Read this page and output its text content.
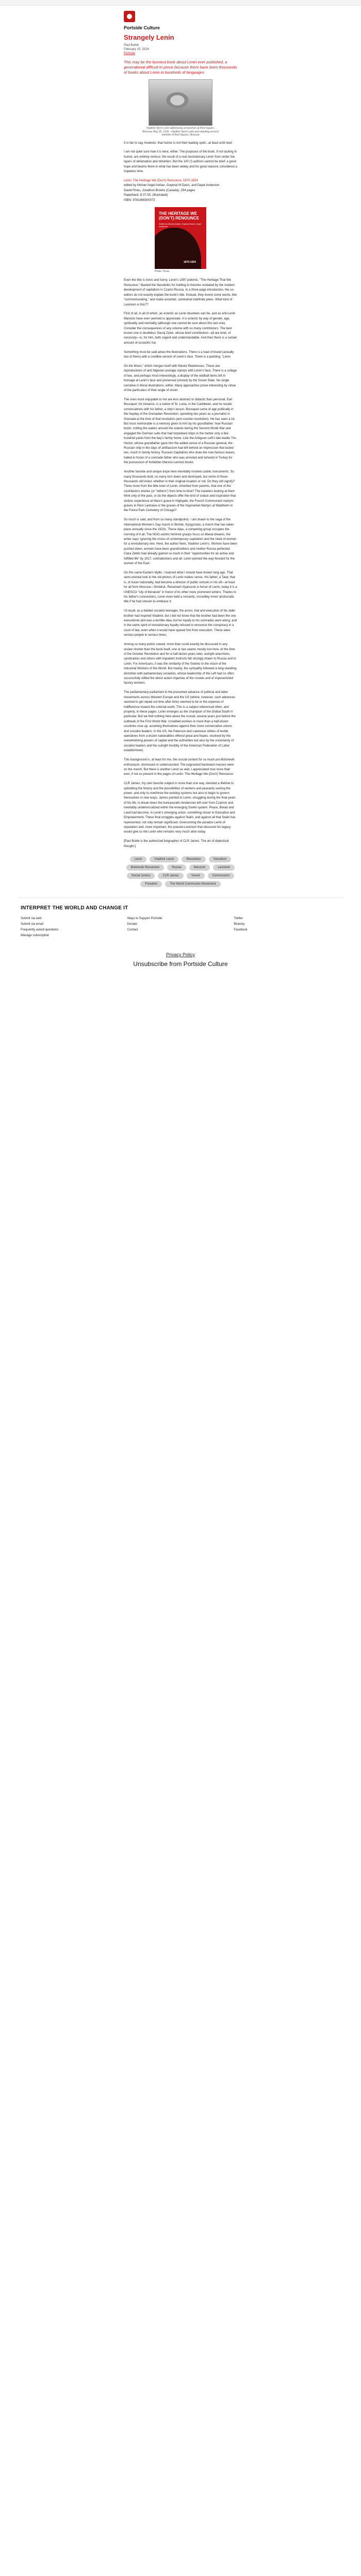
Portside Culture
Strangely Lenin
Paul Buhle
February 15, 2024
Portside
This may be the funniest book about Lenin ever published, a generational difficult to prove because there have been thousands of books about Lenin in hundreds of languages
Vladimir Ilyich Lenin addressing servicemen at Red Square, Moscow, May 25, 1919 - Vladimir Ilyich Lenin and standing second member of Red Square, Moscow

It is fair to say, however, that humor is not their leading spirit...at least until now!

I am not quite sure how it is here, either. The purposes of the book, if not lacking in humor, are entirely serious: the result of a real revolutionary Lenin from under the layers of defamation and distortion. But the 100 (!) authors cannot be brief; a good hope and beams there in what has been widely and for good reasons considered a hopeless time.

Lenin: The Heritage We (Don't) Renounce, 1870-1924
edited by Mohan Angel Adrian, Gaybrat M Davis, and Dayle Anderson
David Pines, Jonathon Brooks (Canada), 254 pages
Paperback: $ 37.00. (Illustrated)
ISBN: 9781998300072

THE HERITAGE WE (DON'T) RENOUNCE
Edited by Mohan Adrian, Gaybrat Davis, Dayle Anderson
1870-1924
Photo: Press

Even the title is ironic and funny. Lenin's 1897 polemic, "The Heritage That We Renounce," blasted the Narodniks for holding to theories outdated by the modern development of capitalism in Czarist Russia. In a three-page introduction, the co-editors do not exactly explain the book's title. Instead, they invent some words, like "commemorating," and make assorted, somewhat indefinite jokes. What kind of Leninism is this??

First of all, in all of which, an eclectic as Lenin devotees can be, and as anti-Lenin Marxists have ever seemed to appreciate. It is eclectic by way of gender, age, spirituality and mentality (although one cannot be sure about this last one). Consider the consequences of any volume with so many contributors. The best known one is doubtless Slavoj Zizek, whose brief contribution—all are brief, of necessity—is, for him, both cogent and understandable. And then there is a certain amount of eccentric fun.

Something must be said about the illustrations. There is a load of brand (actually two of them) with a credible version of Lenin's face. There is a painting, "Lenin

On the Moon," which merges itself with Maoist Realnesses. These are reproductions of and Nigerian postage stamps with Lenin's face. There is a collage of two, and perhaps most interestingly, a display of the oddball items left in homage at Lenin's face and preserved (stored) by the Soviet State. No single narrative in these illustrations, either. Many approaches prove interesting by virtue of the particulars of their angle of vision.

The ones most enjoyable to me are less abstract or didactic than personal. Earl Bousquet, for instance, is a native of St. Lucia, in the Caribbean, and he recalls conversations with his father, a ship's bosun. Bousquet came of age politically in the heyday of the Grenadian Revolution, spending two years as a journalist in Grenada at the time of that revolution (and counter-revolution). He has seen a lot. But most memorable is a memory given to him by his grandfather: how Russian boots, trolling the waters around the islands during the Second World War and engaged the German subs that had torpedoed ships in the harbor only a few hundred yards from the bay's family home. Like the Antiguan Left's late leader Tim Hector, whose grandfather gave him the added sense of a Russian general, the Russian ship in the days of antifascism had left behind an impression that lasted two, much in family history. Russian Capitalists who draw the now famous leaves, hailed in honor of a comrade father who was arrested and tortured in Turkey for the possession of forbidden Marxist-Leninist books.

Another favorite and unique trope here inevitably involves public monuments. So many thousands built, so many torn down and destroyed, but some of those thousands still intact, whether in their original location or not. Do they still signify? Three more from the little town of Lenin, inherited from parents, that one of the contributors wishes (or "tethers") from time to time? The travelers looking at them think only of the past, or do the objects offer the kind of solace and inspiration that visitors experience at Marx's grave in Highgate, the French Communard martyrs' graves in Pere Lachaise or the graves of the Haymarket Martyrs at Waldheim in the Forest Park Cemetery of Chicago?

So much is said, and from so many standpoints. I am drawn to the saga of the International Women's Day march in Bishek, Kyrgyzstan, a march that has taken place annually since the 1920s. These days, a competing group occupies the morning of it all. The NGO-centric feminist groups focus on liberal dreams, the writer says, ignoring the crises of contemporary capitalism and the need of women for a revolutionary one. Here, the author feels, Vladimir Lenin's. Women have been pushed down, women have been grandmothers and mother Russia perfected. Clara Zetkin had already gained so much in their "opportunities for an active and fulfilled life" by 1917, contradictions and all. Lenin pointed the way forward for the women of the East.

On this same Eastern Idyllic, I learned what I should have known long ago. That semi-oriental look in the old photos of Lenin makes sense. His father, a Tatar, that is, of Asian nationality, had become a director of public schools in his oft—at least for all from Moscow—Simbirsk. Renamed Ulyanovsk in honor of Lenin, today it is a UNESCO "city of literature" in honor of its other more prominent writers. Thanks to his father's connections, Lenin even held a romantic, incredibly minor aristocratic title if he had chosen to embrace it.

I'd recall, as a bolded socialist teenager, the arrest, trial and execution of his older brother had inspired Vladimir, but I did not know that the brother had been the one executioner plot was a terrible idea, but he loyally to his comrades went along, and in the same spirit of revolutionary loyalty refused to renounce the conspiracy in a court of law, even when it would have spared him from execution. These were serious people in serious times.

Among so many points sowed, more than could exactly be discussed in any review shorter than the book itself, one or two seems mostly lost here. At the time of the October Revolution and for a half-dozen years later, outright anarchists, syndicalists and others with impatient instincts felt strongly drawn to Russia and to Lenin. For Americans, it was the similarity of the Soviets to the vision of the Industrial Workers of the World. But mainly, the sympathy followed a long-standing distortion with parliamentary socialists, whose leadership of the Left had so often successfully stifled the direct action impulses of the crowds and of impoverished factory workers.

The parliamentary parliament in the presumed advance of political and labor movements across Western Europe and the US (where, however, such advances seemed to get wiped out time after time) seemed to be or the expense of indifference toward the colonial world. This is a subject referenced often, and properly, in these pages. Lenin emerges as the champion of the Global South in particular. But we find nothing here about the crucial, several years just before the outbreak of the First World War. Unskilled workers in more than a half-dozen countries rose up, asserting themselves against their more conservative unions and socialist leaders. In the US, the Paterson and Lawrence strikes of textile operatives from a dozen nationalities offered great and hopes, resolved by the overwhelming powers of capital and the authorities but also by the uncertainty of socialist leaders and the outright hostility of the American Federation of Labor establishment.

This background is, at least for me, the crucial context for so much pro-Bolshevik enthusiasm, dismissed or undercounted. The pugnacled backward masses were on the march. But there is another Lenin as well, I appreciated now more than ever, if not so present in the pages of Lenin: The Heritage We (Don't) Renounce.

CLR James, my own favorite subject in more than one way, devoted a lifetime to upholding the history and the possibilities of workers and peasants seizing the power, and only to overthrow the existing systems but also to begin to govern themselves in new ways. James pointed to Lenin, struggling during the final years of his life, to break down the bureaucratic tendencies left over from Czarism and inevitably undemocratized within the emerging Soviet system. Peace, Bread and Land had become, in Lenin's emerging vision, something closer to Education and Empowerment. These final struggles against Stalin, and against all that Stalin has represented, not only remain significant. Overcoming the paradox Lenin of reputation and, more important, the pseudo-Leninism that obscured his legacy would give us the Lenin who remains very much alive today.

[Paul Buhle is the authorized biographer of CLR James. The art of dialectical thought.]
Lenin	Vladimir Lenin	Revolution	Socialism
Bolshevik Revolution	Russia	Marxism	Leninism
Social Justice	CLR James	Soviet	Communism
Freedom	The World Communist Movement
INTERPRET THE WORLD AND CHANGE IT
Submit via web
Submit via email
Frequently asked questions
Manage subscription
Ways to Support Portside
Donate
Contact
Twitter
Bluesky
Facebook
Privacy Policy
Unsubscribe from Portside Culture
